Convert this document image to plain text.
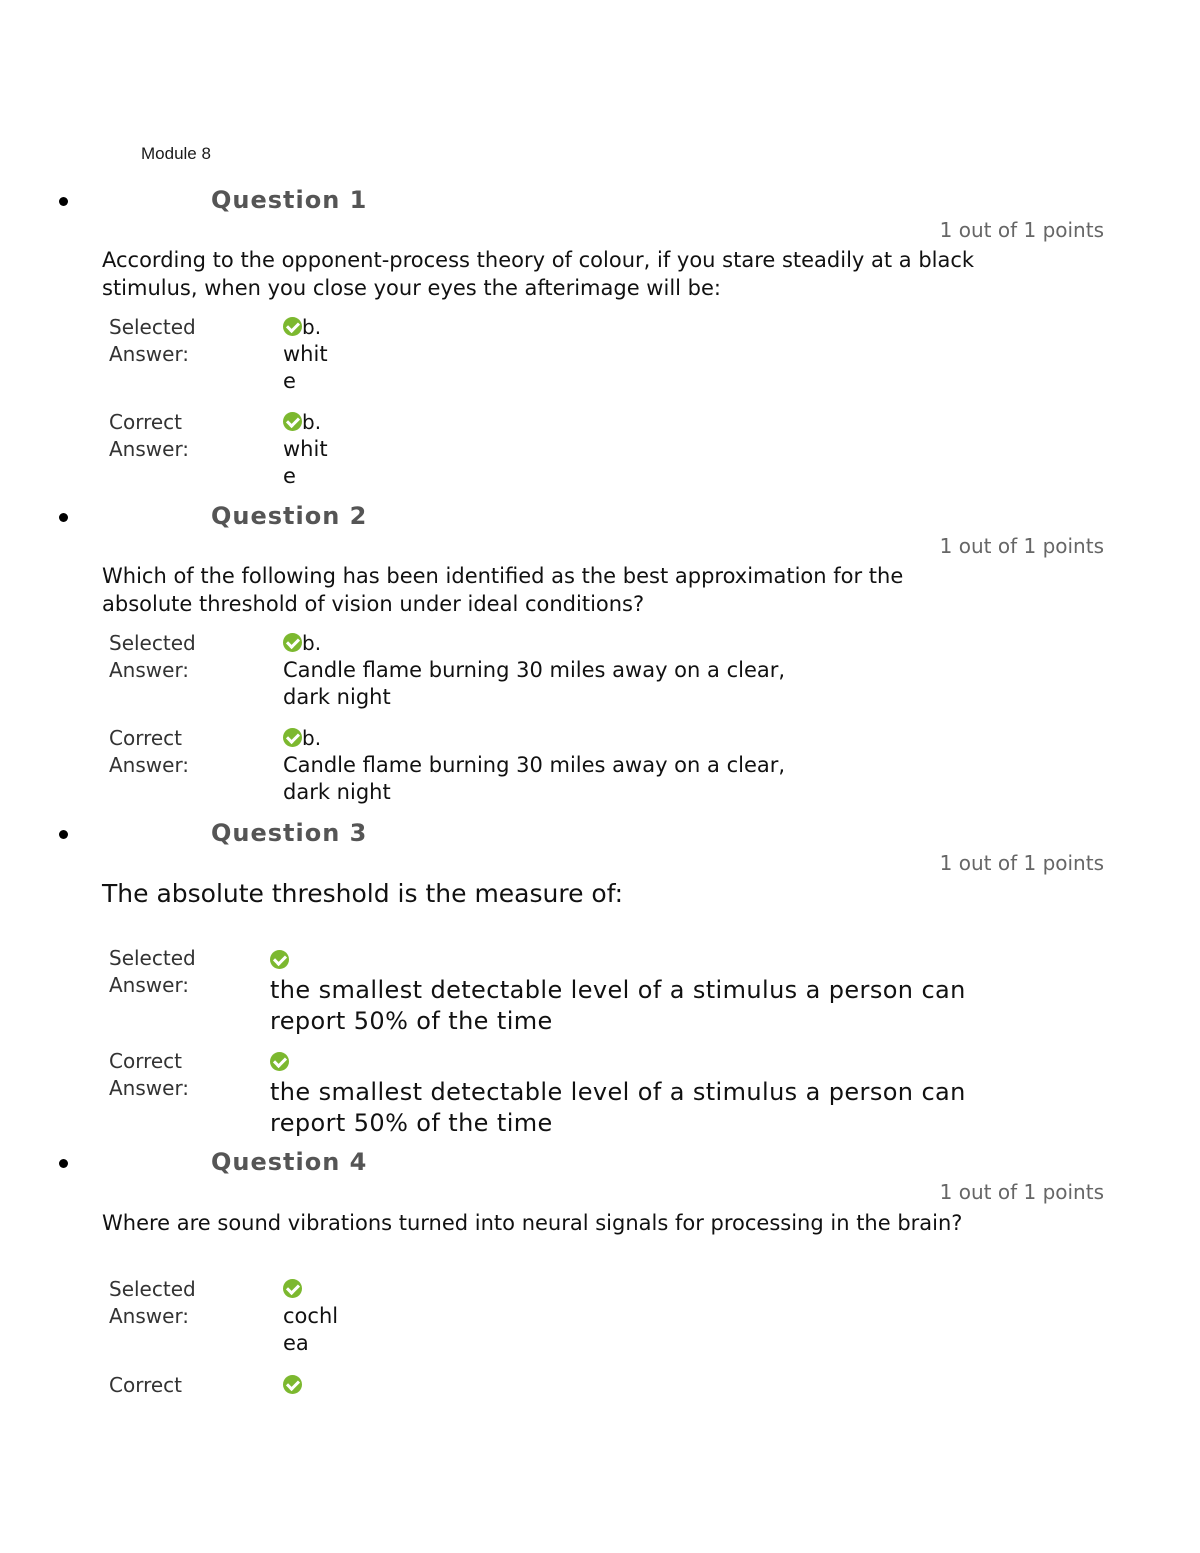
Module 8
Question 1
1 out of 1 points
According to the opponent-process theory of colour, if you stare steadily at a black stimulus, when you close your eyes the afterimage will be:
Selected Answer:
b.
white
Correct Answer:
b.
white
Question 2
1 out of 1 points
Which of the following has been identified as the best approximation for the absolute threshold of vision under ideal conditions?
Selected Answer:
b.
Candle flame burning 30 miles away on a clear, dark night
Correct Answer:
b.
Candle flame burning 30 miles away on a clear, dark night
Question 3
1 out of 1 points
The absolute threshold is the measure of:
Selected Answer:	the smallest detectable level of a stimulus a person can report 50% of the time
Correct Answer:	the smallest detectable level of a stimulus a person can report 50% of the time
Question 4
1 out of 1 points
Where are sound vibrations turned into neural signals for processing in the brain?
Selected Answer:	cochlea
Correct
